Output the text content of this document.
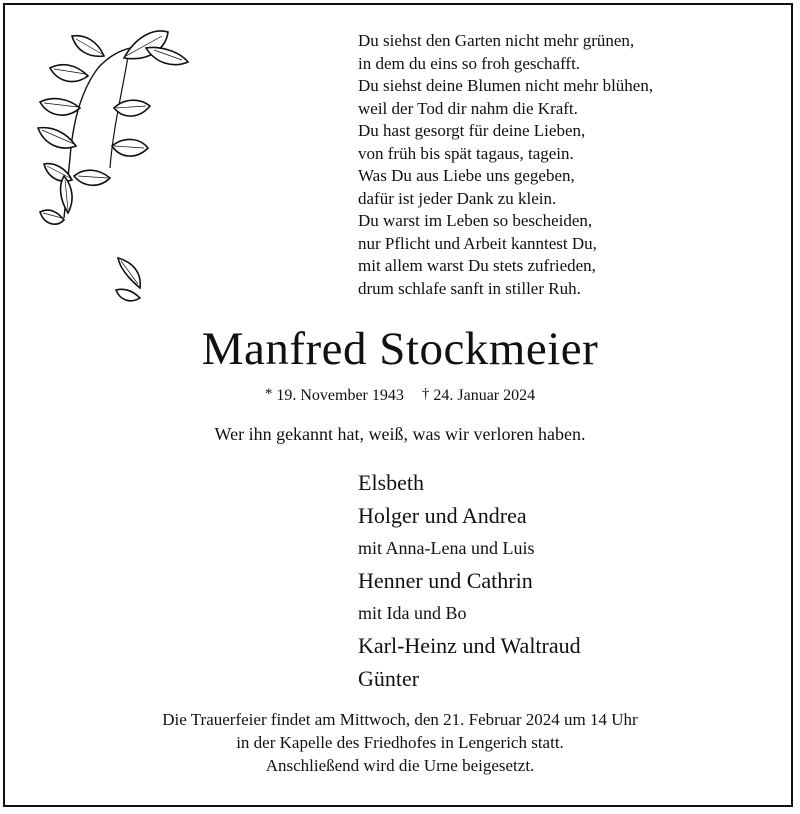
Du siehst den Garten nicht mehr grünen,
in dem du eins so froh geschafft.
Du siehst deine Blumen nicht mehr blühen,
weil der Tod dir nahm die Kraft.
Du hast gesorgt für deine Lieben,
von früh bis spät tagaus, tagein.
Was Du aus Liebe uns gegeben,
dafür ist jeder Dank zu klein.
Du warst im Leben so bescheiden,
nur Pflicht und Arbeit kanntest Du,
mit allem warst Du stets zufrieden,
drum schlafe sanft in stiller Ruh.
Manfred Stockmeier
* 19. November 1943 † 24. Januar 2024
Wer ihn gekannt hat, weiß, was wir verloren haben.
Elsbeth
Holger und Andrea
mit Anna-Lena und Luis
Henner und Cathrin
mit Ida und Bo
Karl-Heinz und Waltraud
Günter
Die Trauerfeier findet am Mittwoch, den 21. Februar 2024 um 14 Uhr
in der Kapelle des Friedhofes in Lengerich statt.
Anschließend wird die Urne beigesetzt.
